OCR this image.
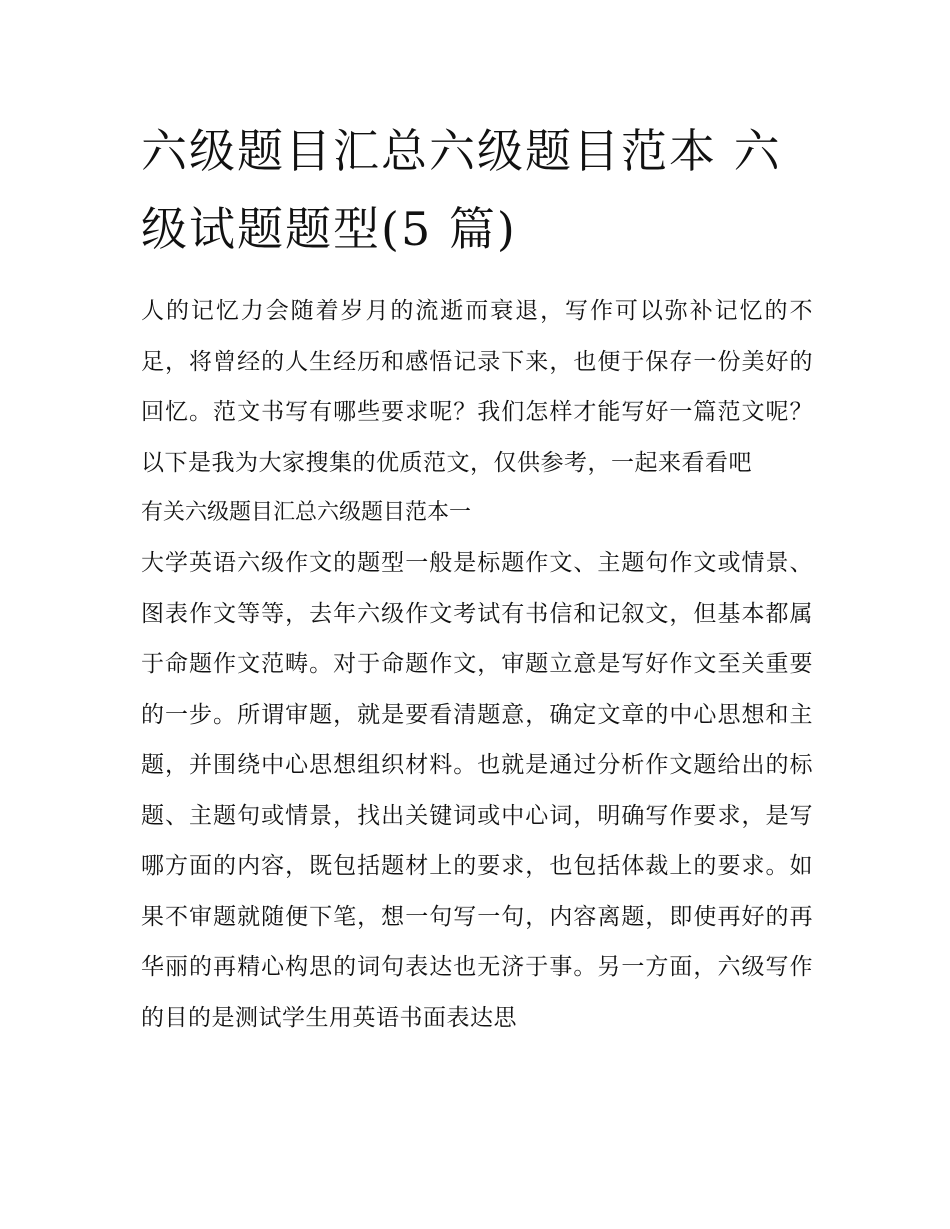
六级题目汇总六级题目范本 六级试题题型(5 篇)

人的记忆力会随着岁月的流逝而衰退，写作可以弥补记忆的不足，将曾经的人生经历和感悟记录下来，也便于保存一份美好的回忆。范文书写有哪些要求呢？我们怎样才能写好一篇范文呢？以下是我为大家搜集的优质范文，仅供参考，一起来看看吧

有关六级题目汇总六级题目范本一

大学英语六级作文的题型一般是标题作文、主题句作文或情景、图表作文等等，去年六级作文考试有书信和记叙文，但基本都属于命题作文范畴。对于命题作文，审题立意是写好作文至关重要的一步。所谓审题，就是要看清题意，确定文章的中心思想和主题，并围绕中心思想组织材料。也就是通过分析作文题给出的标题、主题句或情景，找出关键词或中心词，明确写作要求，是写哪方面的内容，既包括题材上的要求，也包括体裁上的要求。如果不审题就随便下笔，想一句写一句，内容离题，即使再好的再华丽的再精心构思的词句表达也无济于事。另一方面，六级写作的目的是测试学生用英语书面表达思
